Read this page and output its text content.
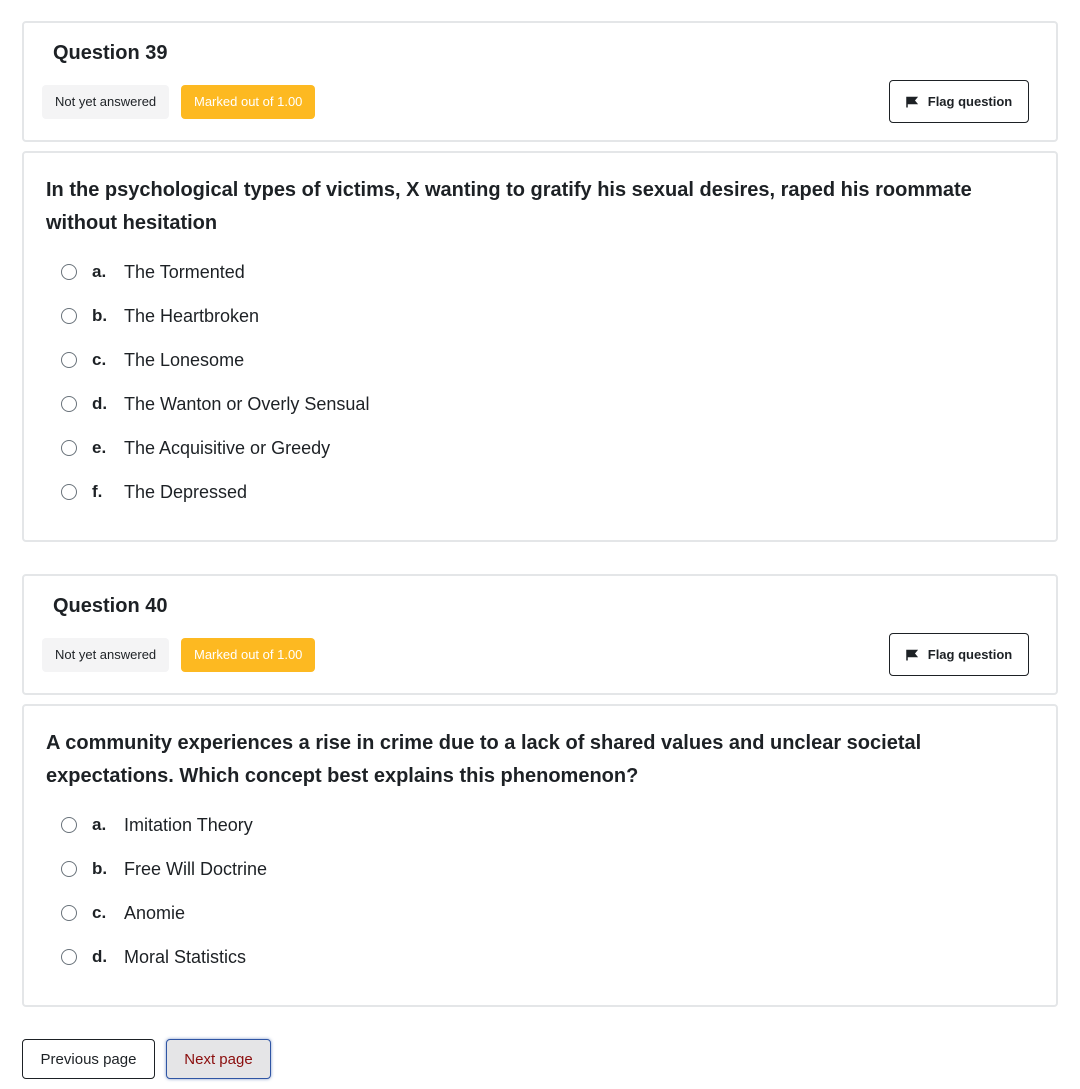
Question 39
Not yet answered	Marked out of 1.00	Flag question
In the psychological types of victims, X wanting to gratify his sexual desires, raped his roommate without hesitation
a. The Tormented
b. The Heartbroken
c. The Lonesome
d. The Wanton or Overly Sensual
e. The Acquisitive or Greedy
f.	The Depressed
Question 40
Not yet answered	Marked out of 1.00	Flag question
A community experiences a rise in crime due to a lack of shared values and unclear societal expectations. Which concept best explains this phenomenon?
a. Imitation Theory
b. Free Will Doctrine
c. Anomie
d. Moral Statistics
Previous page	Next page
